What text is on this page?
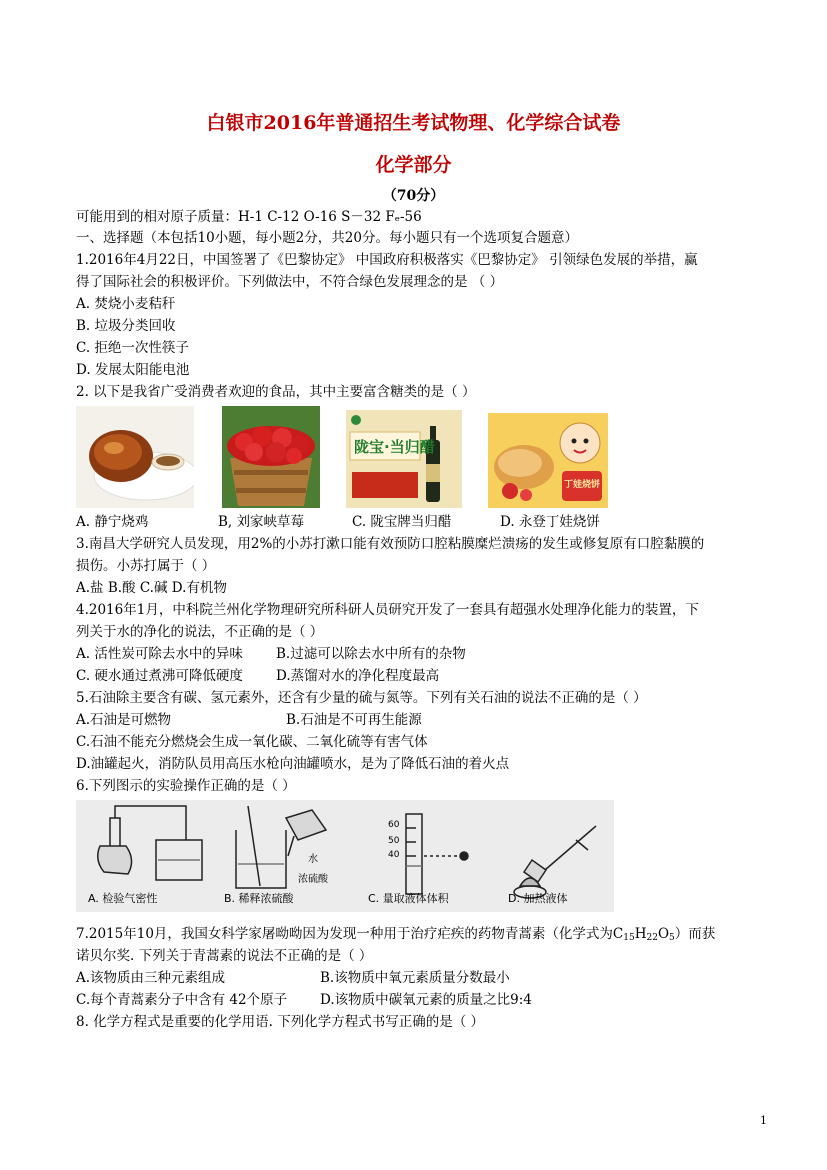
白银市2016年普通招生考试物理、化学综合试卷
化学部分
（70分）
可能用到的相对原子质量：H-1 C-12 O-16 S－32 Fₑ-56
一、选择题（本包括10小题，每小题2分，共20分。每小题只有一个选项复合题意）
1.2016年4月22日，中国签署了《巴黎协定》 中国政府积极落实《巴黎协定》 引领绿色发展的举措，赢
得了国际社会的积极评价。下列做法中，不符合绿色发展理念的是 （ ）
A. 焚烧小麦秸秆
B. 垃圾分类回收
C. 拒绝一次性筷子
D. 发展太阳能电池
2. 以下是我省广受消费者欢迎的食品，其中主要富含糖类的是（ ）
陇宝·当归醋
丁娃烧饼
A. 静宁烧鸡	B, 刘家峡草莓	C. 陇宝牌当归醋	D. 永登丁娃烧饼
3.南昌大学研究人员发现，用2%的小苏打漱口能有效预防口腔粘膜糜烂溃疡的发生或修复原有口腔黏膜的
损伤。小苏打属于（ ）
A.盐 B.酸 C.碱 D.有机物
4.2016年1月，中科院兰州化学物理研究所科研人员研究开发了一套具有超强水处理净化能力的装置，下
列关于水的净化的说法，不正确的是（ ）
A. 活性炭可除去水中的异味 B.过滤可以除去水中所有的杂物
C. 硬水通过煮沸可降低硬度 D.蒸馏对水的净化程度最高
5.石油除主要含有碳、氢元素外，还含有少量的硫与氮等。下列有关石油的说法不正确的是（ ）
A.石油是可燃物	B.石油是不可再生能源
C.石油不能充分燃烧会生成一氧化碳、二氧化硫等有害气体
D.油罐起火，消防队员用高压水枪向油罐喷水，是为了降低石油的着火点
6.下列图示的实验操作正确的是（ ）
A. 检验气密性	B. 稀释浓硫酸	C. 量取液体体积	D. 加热液体
水
浓硫酸
60
50
40
7.2015年10月，我国女科学家屠呦呦因为发现一种用于治疗疟疾的药物青蒿素（化学式为$C_{15}H_{22}O_5$）而获
诺贝尔奖. 下列关于青蒿素的说法不正确的是（ ）
A.该物质由三种元素组成	B.该物质中氧元素质量分数最小
C.每个青蒿素分子中含有 42个原子 D.该物质中碳氧元素的质量之比9:4
8. 化学方程式是重要的化学用语. 下列化学方程式书写正确的是（ ）
1
